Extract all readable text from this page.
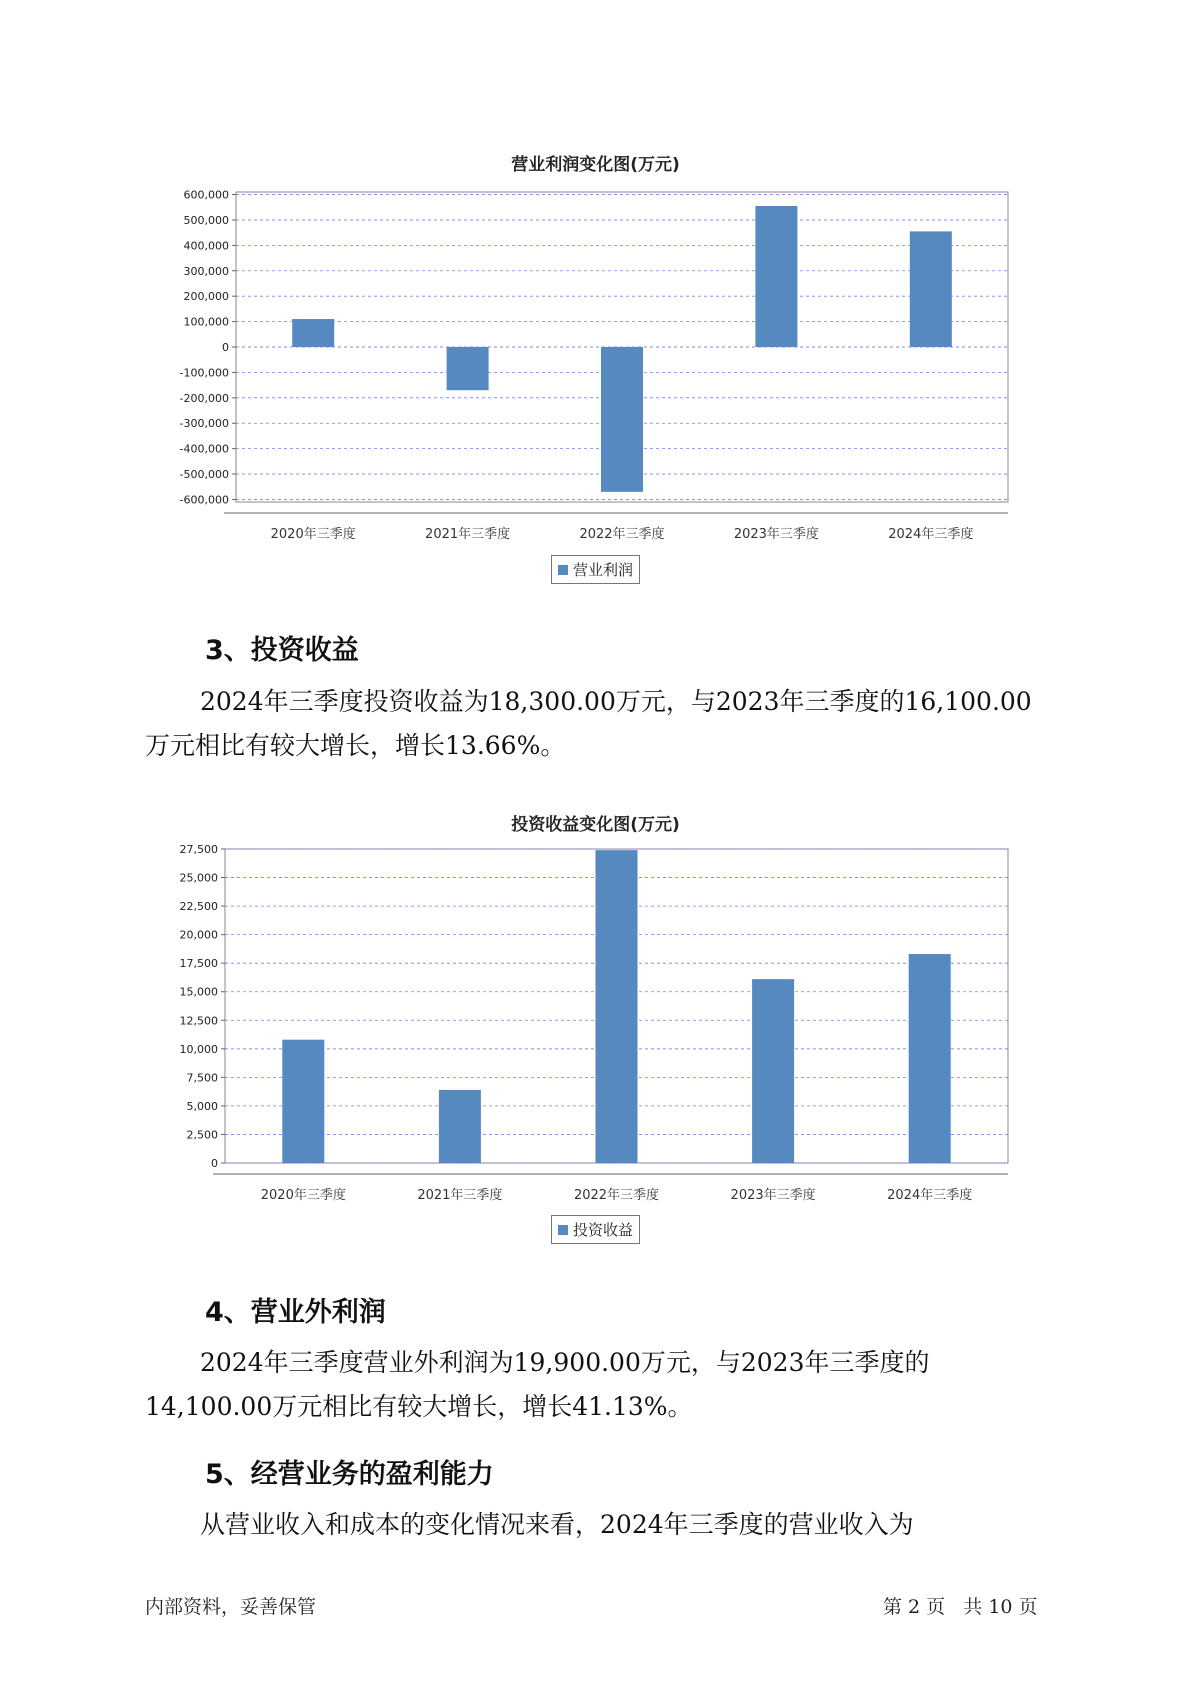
营业利润变化图(万元)
600,000
500,000
400,000
300,000
200,000
100,000
0
-100,000
-200,000
-300,000
-400,000
-500,000
-600,000
2020年三季度	2021年三季度	2022年三季度	2023年三季度	2024年三季度
营业利润
3、投资收益
2024年三季度投资收益为18,300.00万元，与2023年三季度的16,100.00
万元相比有较大增长，增长13.66%。
投资收益变化图(万元)
27,500
25,000
22,500
20,000
17,500
15,000
12,500
10,000
7,500
5,000
2,500
0
2020年三季度	2021年三季度	2022年三季度	2023年三季度	2024年三季度
投资收益
4、营业外利润
2024年三季度营业外利润为19,900.00万元，与2023年三季度的
14,100.00万元相比有较大增长，增长41.13%。
5、经营业务的盈利能力
从营业收入和成本的变化情况来看，2024年三季度的营业收入为
内部资料，妥善保管	第 2 页   共 10 页
